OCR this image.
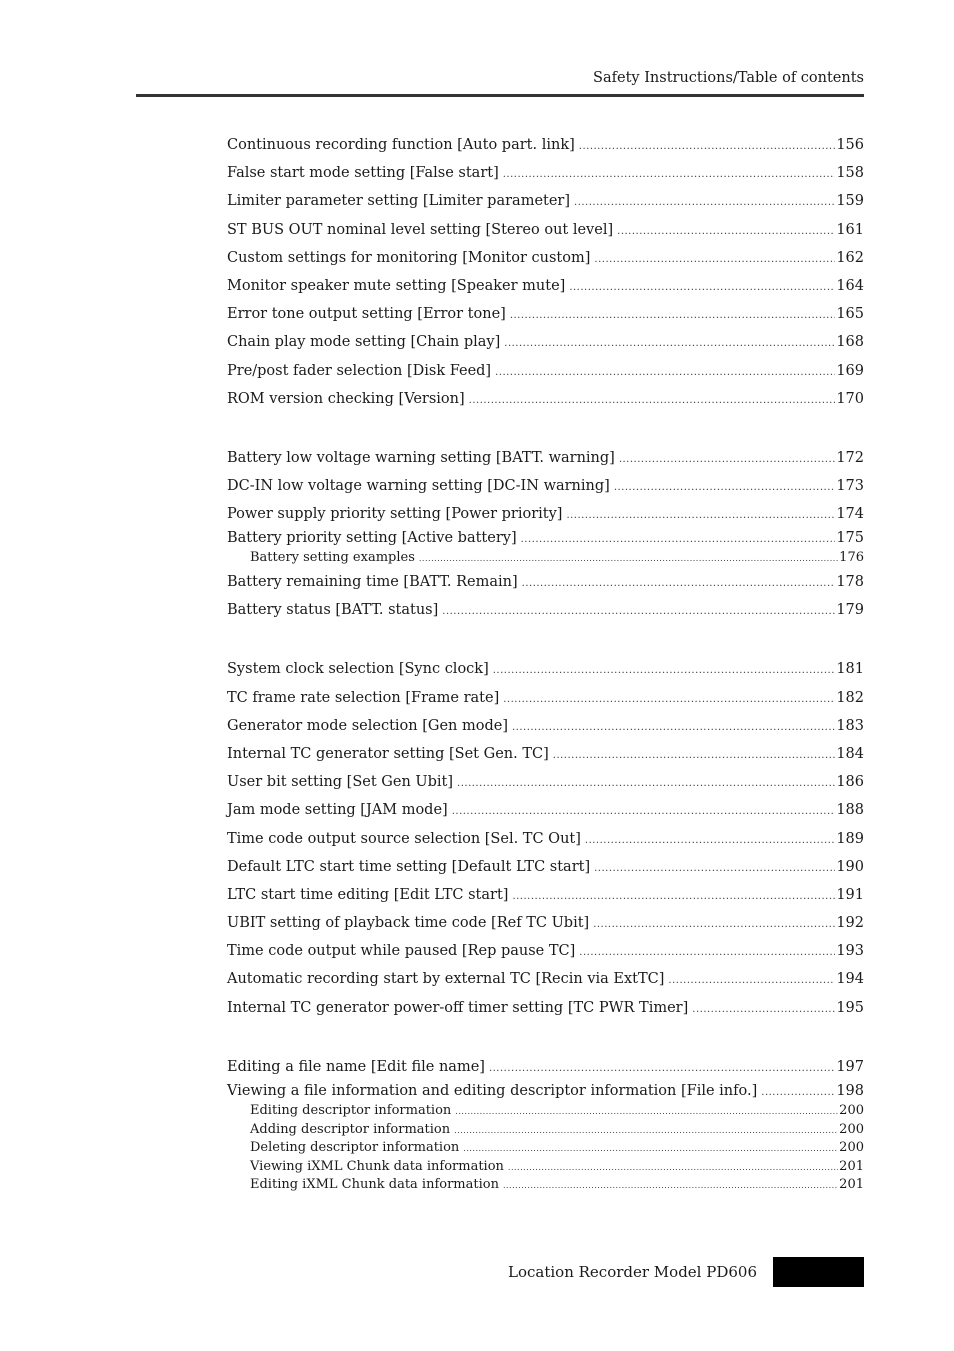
Safety Instructions/Table of contents
Continuous recording function [Auto part. link] .....	156
False start mode setting [False start] .....	158
Limiter parameter setting [Limiter parameter] .....	159
ST BUS OUT nominal level setting [Stereo out level] .....	161
Custom settings for monitoring [Monitor custom] .....	162
Monitor speaker mute setting [Speaker mute] .....	164
Error tone output setting [Error tone] .....	165
Chain play mode setting [Chain play] .....	168
Pre/post fader selection [Disk Feed] .....	169
ROM version checking [Version] .....	170
Battery low voltage warning setting [BATT. warning] .....	172
DC-IN low voltage warning setting [DC-IN warning] .....	173
Power supply priority setting [Power priority] .....	174
Battery priority setting [Active battery] .....	175
Battery setting examples .....	176
Battery remaining time [BATT. Remain] .....	178
Battery status [BATT. status] .....	179
System clock selection [Sync clock] .....	181
TC frame rate selection [Frame rate] .....	182
Generator mode selection [Gen mode] .....	183
Internal TC generator setting [Set Gen. TC] .....	184
User bit setting [Set Gen Ubit] .....	186
Jam mode setting [JAM mode] .....	188
Time code output source selection [Sel. TC Out] .....	189
Default LTC start time setting [Default LTC start] .....	190
LTC start time editing [Edit LTC start] .....	191
UBIT setting of playback time code [Ref TC Ubit] .....	192
Time code output while paused [Rep pause TC] .....	193
Automatic recording start by external TC [Recin via ExtTC] .....	194
Internal TC generator power-off timer setting [TC PWR Timer] .....	195
Editing a file name [Edit file name] .....	197
Viewing a file information and editing descriptor information [File info.] .....	198
Editing descriptor information .....	200
Adding descriptor information .....	200
Deleting descriptor information .....	200
Viewing iXML Chunk data information .....	201
Editing iXML Chunk data information .....	201
Location Recorder Model PD606
